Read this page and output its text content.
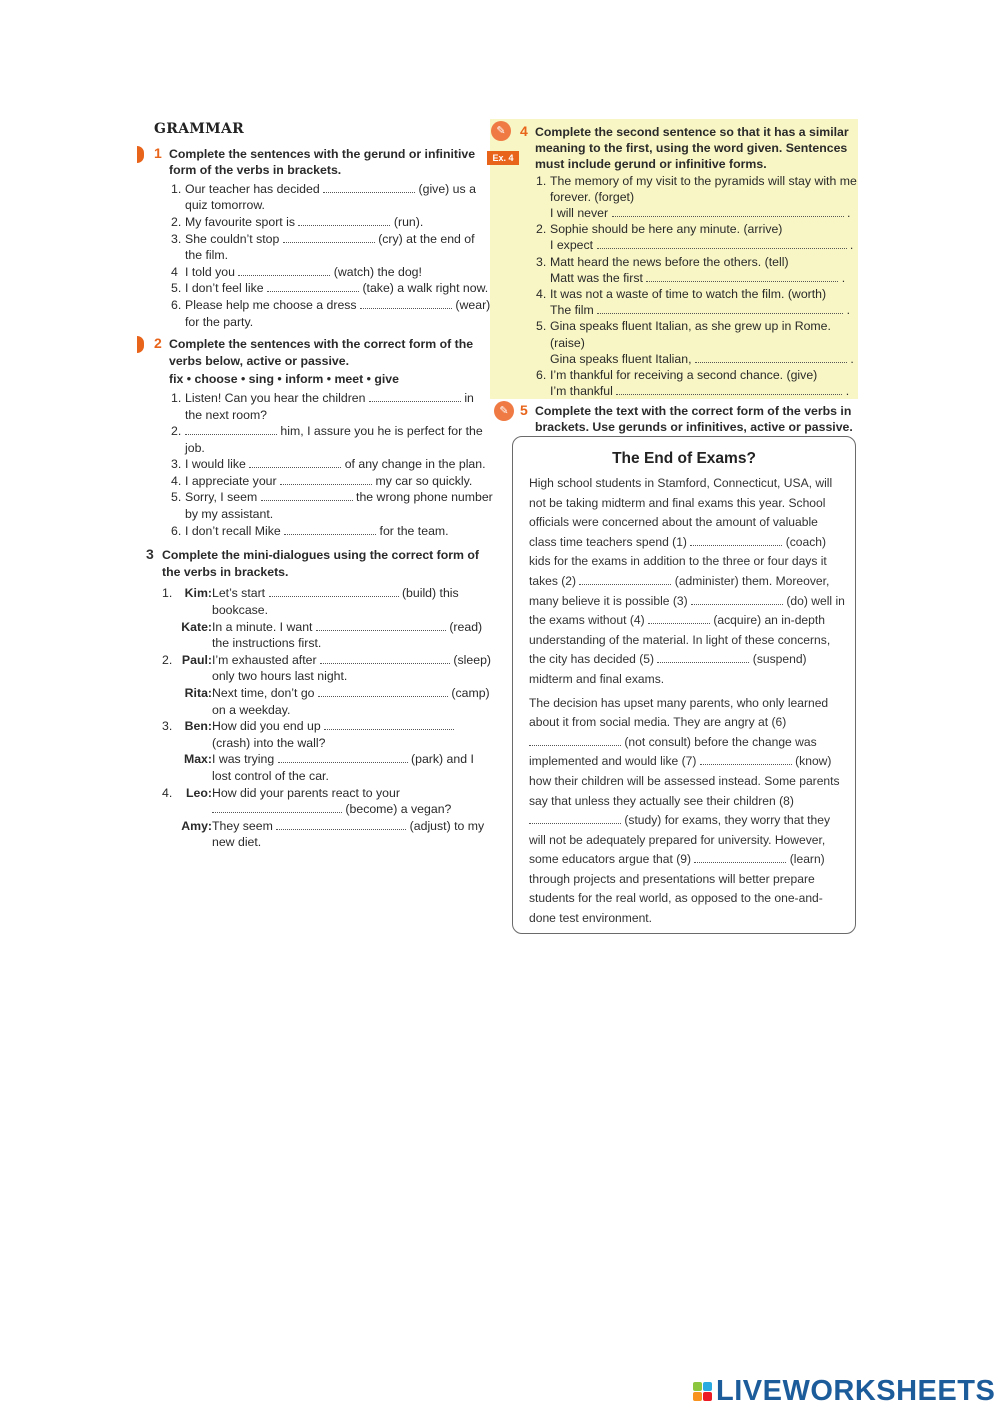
GRAMMAR
1 Complete the sentences with the gerund or infinitive form of the verbs in brackets.
1. Our teacher has decided	(give) us a quiz tomorrow.
2. My favourite sport is	(run).
3. She couldn’t stop	(cry) at the end of the film.
4 I told you	(watch) the dog!
5. I don’t feel like	(take) a walk right now.
6. Please help me choose a dress	(wear) for the party.
2 Complete the sentences with the correct form of the verbs below, active or passive.
fix • choose • sing • inform • meet • give
1. Listen! Can you hear the children	in the next room?
2.	him, I assure you he is perfect for the job.
3. I would like	of any change in the plan.
4. I appreciate your	my car so quickly.
5. Sorry, I seem	the wrong phone number by my assistant.
6. I don’t recall Mike	for the team.
3 Complete the mini-dialogues using the correct form of the verbs in brackets.
1.	Kim: Let’s start	(build) this bookcase.
Kate: In a minute. I want	(read) the instructions first.
2. Paul: I’m exhausted after	(sleep) only two hours last night.
Rita: Next time, don’t go	(camp) on a weekday.
3.	Ben: How did you end up  (crash) into the wall?
Max: I was trying	(park) and I lost control of the car.
4.	Leo: How did your parents react to your  (become) a vegan?
Amy: They seem	(adjust) to my new diet.
✎
Ex. 4
4 Complete the second sentence so that it has a similar meaning to the first, using the word given. Sentences must include gerund or infinitive forms.
1. The memory of my visit to the pyramids will stay with me forever. (forget)
I will never	.
2. Sophie should be here any minute. (arrive)
I expect	.
3. Matt heard the news before the others. (tell)
Matt was the first	.
4. It was not a waste of time to watch the film. (worth)
The film	.
5. Gina speaks fluent Italian, as she grew up in Rome. (raise)
Gina speaks fluent Italian,	.
6. I’m thankful for receiving a second chance. (give)
I’m thankful	.
✎ 5 Complete the text with the correct form of the verbs in brackets. Use gerunds or infinitives, active or passive.
The End of Exams?

High school students in Stamford, Connecticut, USA, will not be taking midterm and final exams this year. School officials were concerned about the amount of valuable class time teachers spend (1)	(coach) kids for the exams in addition to the three or four days it takes (2)	(administer) them. Moreover, many believe it is possible (3)	(do) well in the exams without (4)	(acquire) an in-depth understanding of the material. In light of these concerns, the city has decided (5)	(suspend) midterm and final exams.

The decision has upset many parents, who only learned about it from social media. They are angry at (6)  (not consult) before the change was implemented and would like (7)	(know) how their children will be assessed instead. Some parents say that unless they actually see their children (8)  (study) for exams, they worry that they will not be adequately prepared for university. However, some educators argue that (9)	(learn) through projects and presentations will better prepare students for the real world, as opposed to the one-and-done test environment.

LIVEWORKSHEETS
